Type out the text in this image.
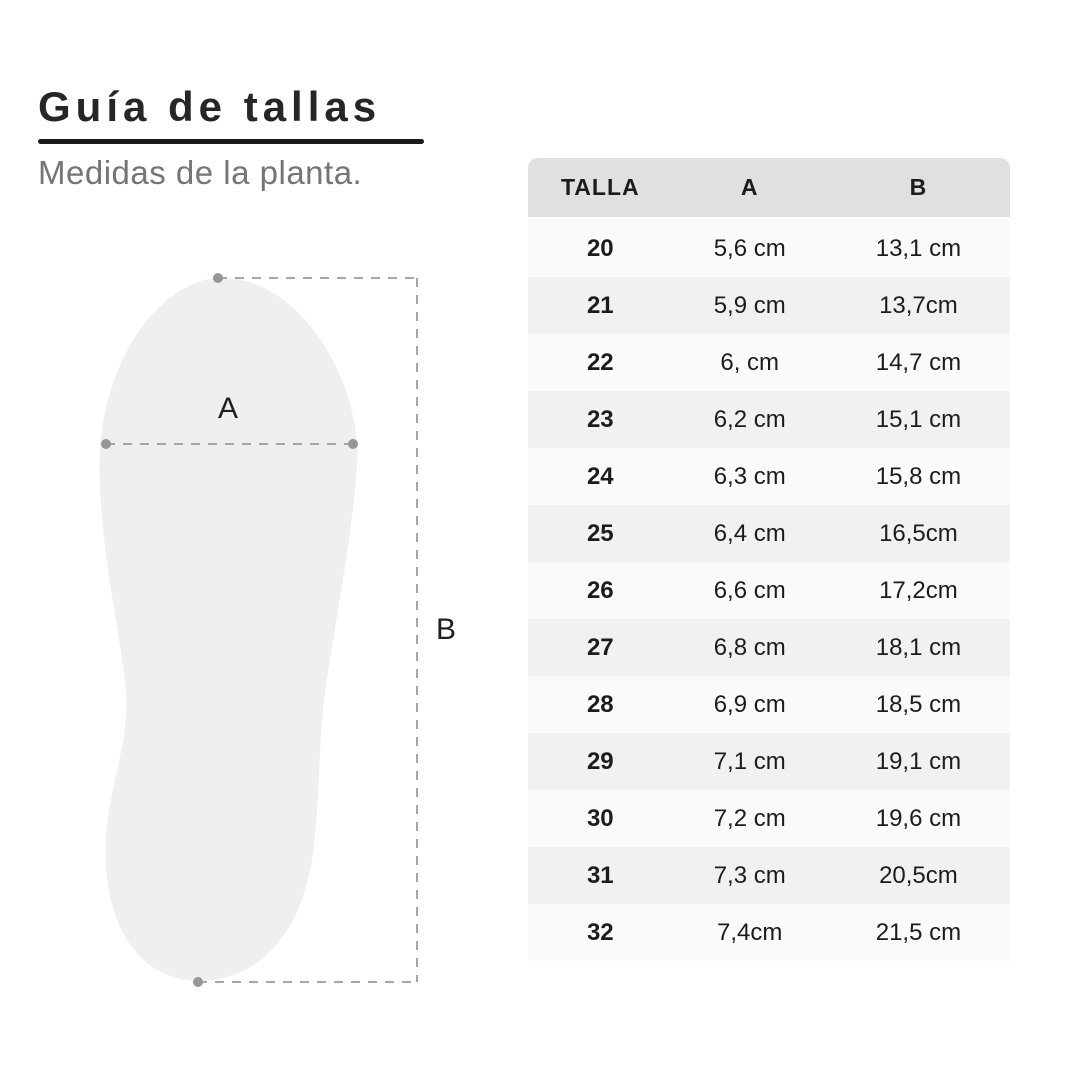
Guía de tallas
Medidas de la planta.
A
B
TALLA	A	B
20	5,6 cm	13,1 cm
21	5,9 cm	13,7cm
22	6, cm	14,7 cm
23	6,2 cm	15,1 cm
24	6,3 cm	15,8 cm
25	6,4 cm	16,5cm
26	6,6 cm	17,2cm
27	6,8 cm	18,1 cm
28	6,9 cm	18,5 cm
29	7,1 cm	19,1 cm
30	7,2 cm	19,6 cm
31	7,3 cm	20,5cm
32	7,4cm	21,5 cm
